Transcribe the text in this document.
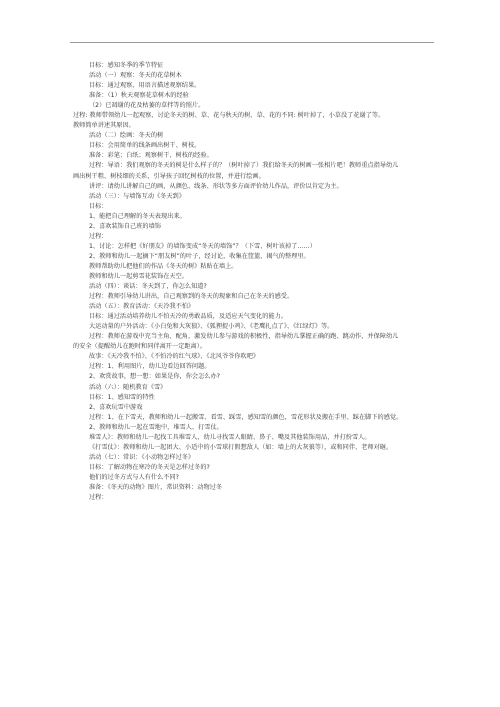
目标：感知冬季的季节特征
活动（一）观察：冬天的花草树木
目标：通过观察，用语言描述观察结果。
准备：（1）秋天观察花草树木的经验
（2）已凋谢的花及枯萎的草拌等的照片。
过程: 教师带领幼儿一起观察、讨论冬天的树、草、花与秋天的树、草、花的不同: 树叶掉了，小草没了花谢了等。
教师简单讲述其原因。
活动（二）绘画：冬天的树
目标：会用简单的线条画出树干、树枝。
准备：彩笔；白纸；观察树干、树枝的经验。
过程：导语：我们观察的冬天的树是什么样子的？（树叶掉了）我们给冬天的树画一张相片吧！教师重点指导幼儿
画出树干粗、树枝细的关系，引导孩子回忆树枝的位置，并进行绘画。
讲评：请幼儿讲解自己的画，从颜色、线条、形状等多方面评价幼儿作品，评价以肯定为主。
活动（三）：与墙饰互动《冬天到》
目标：
1、能把自己理解的冬天表现出来。
2、喜欢装饰自己班的墙饰
过程：
1、讨论：怎样把《好朋友》的墙饰变成“冬天的墙饰”？（下雪、树叶该掉了……）
2、教师和幼儿一起摘下“朋友树”的叶子，经讨论，收集在筐篮，揭气的整理里。
教师帮助幼儿把他们的作品《冬天的树》粘贴在墙上。
教师和幼儿一起剪雪花装饰在天空。
活动（四）：谈话：冬天到了，你怎么知道?
过程：教师引导幼儿讲出，自己观察到的冬天的现象和自己在冬天的感受。
活动（五）：教育活动：《天冷我不怕》
目标：通过活动培养幼儿不怕天冷的勇敢品质，及适应天气变化的能力。
大运动量的户外活动：《小白兔和大灰狼》、《狐狸捉小鸡》、《老鹰扎点了》、《红绿灯》等。
过程：教师在游戏中充当主角、配角，激发幼儿参与游戏的积极性，指导幼儿掌握正确的跑、跳动作，并保障幼儿
的安全（提醒幼儿在跑时和同伴离开一定距离）。
故事：《天冷我不怕》、《不怕冷的红气球》、《北风爷爷你吹吧》
过程：1、利用图片，幼儿边看边回答问题。
2、欢赏故事，想一想：如果是你，你会怎么办?
活动（六）：随机教育《雪》
目标：1、感知雪的特性
2、喜欢玩雪中游戏
过程：1、在下雪天，教师和幼儿一起搬雪、看雪、踩雪，感知雪的颜色，雪花形状及搬在手里、踩在脚下的感觉。
2、教师和幼儿一起在雪地中，堆雪人、打雪仗。
堆雪人》：教师和幼儿一起找工具堆雪人，幼儿寻找雪人眼睛、鼻子、嘴及其他装饰用品，并打扮雪人。
《打雪仗》：教师和幼儿一起团大、小适中的小雪球打假想敌人（如：墙上的大灰狼等），或和同伴、老师对砸。
活动（七）：常识：《小动物怎样过冬》
目标：了解动物在寒冷的冬天是怎样过冬的?
他们的过冬方式与人有什么不同?
准备：《冬天的动物》图片，常识资料：动物过冬
过程：
